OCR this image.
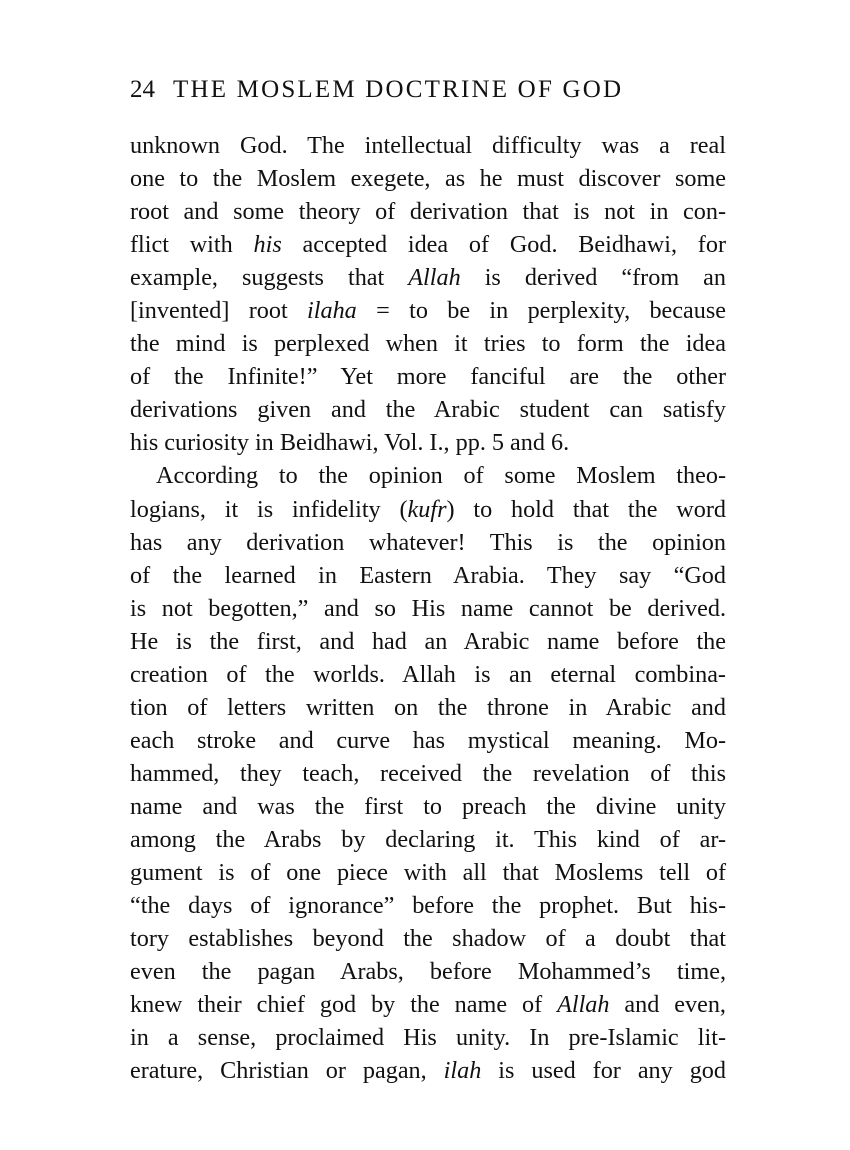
24 THE MOSLEM DOCTRINE OF GOD
unknown God. The intellectual difficulty was a real
one to the Moslem exegete, as he must discover some
root and some theory of derivation that is not in con-
flict with his accepted idea of God. Beidhawi, for
example, suggests that Allah is derived “from an
[invented] root ilaha = to be in perplexity, because
the mind is perplexed when it tries to form the idea
of the Infinite!” Yet more fanciful are the other
derivations given and the Arabic student can satisfy
his curiosity in Beidhawi, Vol. I., pp. 5 and 6.
According to the opinion of some Moslem theo-
logians, it is infidelity (kufr) to hold that the word
has any derivation whatever! This is the opinion
of the learned in Eastern Arabia. They say “God
is not begotten,” and so His name cannot be derived.
He is the first, and had an Arabic name before the
creation of the worlds. Allah is an eternal combina-
tion of letters written on the throne in Arabic and
each stroke and curve has mystical meaning. Mo-
hammed, they teach, received the revelation of this
name and was the first to preach the divine unity
among the Arabs by declaring it. This kind of ar-
gument is of one piece with all that Moslems tell of
“the days of ignorance” before the prophet. But his-
tory establishes beyond the shadow of a doubt that
even the pagan Arabs, before Mohammed’s time,
knew their chief god by the name of Allah and even,
in a sense, proclaimed His unity. In pre-Islamic lit-
erature, Christian or pagan, ilah is used for any god
